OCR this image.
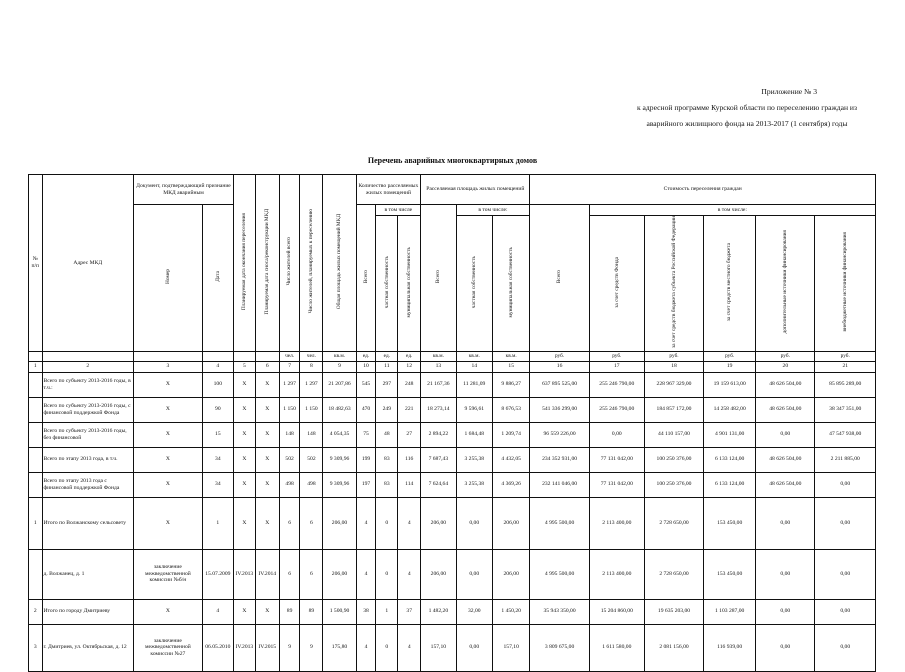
Приложение № 3
к адресной программе Курской области по переселению граждан из
аварийного жилищного фонда на 2013-2017 (1 сентября) годы
Перечень аварийных многоквартирных домов
№ п/п	Адрес МКД	Документ, подтверждающий признание МКД аварийным		Планируемая дата окончания переселения	Планируемая дата сноса/реконструкции МКД	Число жителей всего	Число жителей, планируемых к переселению	Общая площадь жилых помещений МКД	Количество расселяемых жилых помещений			Расселяемая площадь жилых помещений			Стоимость переселения граждан					
		Номер	Дата						Всего	в том числе		Всего	в том числе:		Всего	в том числе:				
										частная собственность	муниципальная собственность		частная собственность	муниципальная собственность		за счет средств Фонда	за счет средств бюджета субъекта Российской Федерации	за счет средств местного бюджета	дополнительные источники финансирования	внебюджетные источники финансирования
						чел.	чел.	кв.м.	ед.	ед.	ед.	кв.м.	кв.м.	кв.м.	руб.	руб.	руб.	руб.	руб.	руб.
1	2	3	4	5	6	7	8	9	10	11	12	13	14	15	16	17	18	19	20	21
	Всего по субъекту 2013-2016 годы, в т.ч.:	X	100	X	X	1 297	1 297	21 207,86	545	297	248	21 167,36	11 281,09	9 886,27	637 895 525,00	255 246 790,00	228 967 329,00	19 159 613,00	48 626 504,00	85 895 289,00
	Всего по субъекту 2013-2016 годы, с финансовой поддержкой Фонда	X	90	X	X	1 150	1 150	18 482,63	470	249	221	18 273,14	9 596,61	8 676,53	541 336 299,00	255 246 790,00	184 857 172,00	14 258 482,00	48 626 504,00	38 347 351,00
	Всего по субъекту 2013-2016 годы, без финансовой	X	15	X	X	148	148	4 054,35	75	48	27	2 894,22	1 684,48	1 209,74	96 559 226,00	0,00	44 110 157,00	4 901 131,00	0,00	47 547 938,00
	Всего по этапу 2013 года, в т.ч.	X	34	X	X	502	502	9 309,96	199	83	116	7 687,43	3 255,38	4 432,05	234 352 931,00	77 131 042,00	100 250 376,00	6 133 124,00	48 626 504,00	2 211 885,00
	Всего по этапу 2013 года с финансовой поддержкой Фонда	X	34	X	X	498	498	9 309,96	197	83	114	7 624,64	3 255,38	4 369,26	232 141 046,00	77 131 042,00	100 250 376,00	6 133 124,00	48 626 504,00	0,00
1	Итого по Волжанскому сельсовету	X	1	X	X	6	6	206,00	4	0	4	206,00	0,00	206,00	4 995 500,00	2 113 400,00	2 728 650,00	153 450,00	0,00	0,00
	д. Волжанец, д. 1	заключение межведомственной комиссии №б/н	15.07.2009	IV.2013	IV.2014	6	6	206,00	4	0	4	206,00	0,00	206,00	4 995 500,00	2 113 400,00	2 728 650,00	153 450,00	0,00	0,00
2	Итого по городу Дмитриеву	X	4	X	X	89	89	1 500,90	38	1	37	1 482,20	32,00	1 450,20	35 943 350,00	15 204 860,00	19 635 203,00	1 103 287,00	0,00	0,00
3	г. Дмитриев, ул. Октябрьская, д. 12	заключение межведомственной комиссии №27	06.05.2010	IV.2013	IV.2015	9	9	175,80	4	0	4	157,10	0,00	157,10	3 809 675,00	1 611 580,00	2 081 156,00	116 939,00	0,00	0,00
